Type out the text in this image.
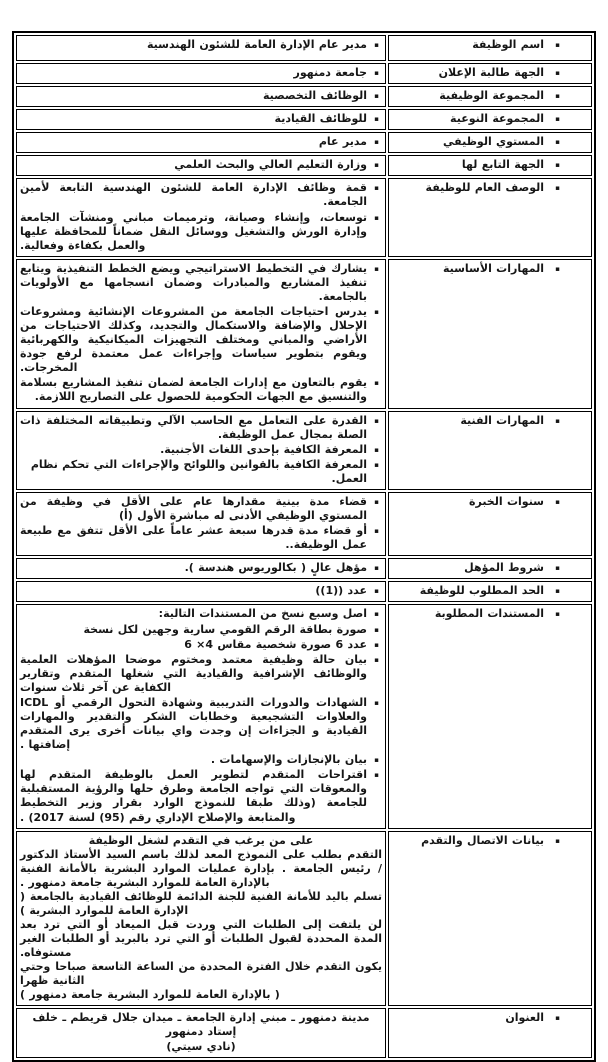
▪
اسم الوظيفة	▪
مدير عام الإدارة العامة للشئون الهندسية

▪
الجهة طالبة الإعلان	▪
جامعة دمنهور

▪
المجموعة الوظيفية	▪
الوظائف التخصصية

▪
المجموعة النوعية	▪
للوظائف القيادية

▪
المستوي الوظيفي	▪
مدير عام

▪
الجهة التابع لها	▪
وزارة التعليم العالي والبحث العلمي

▪
الوصف العام للوظيفة

▪
قمة وظائف الإدارة العامة للشئون الهندسية التابعة لأمين الجامعة.
▪
توسعات، وإنشاء وصيانة، وترميمات مباني ومنشآت الجامعة وإدارة الورش والتشغيل ووسائل النقل ضماناً للمحافظة عليها والعمل بكفاءة وفعالية.

▪
المهارات الأساسية

▪
يشارك في التخطيط الاستراتيجي ويضع الخطط التنفيذية ويتابع تنفيذ المشاريع والمبادرات وضمان انسجامها مع الأولويات بالجامعة.
▪
يدرس احتياجات الجامعة من المشروعات الإنشائية ومشروعات الإحلال والإضافة والاستكمال والتجديد، وكذلك الاحتياجات من الأراضي والمباني ومختلف التجهيزات الميكانيكية والكهربائية ويقوم بتطوير سياسات وإجراءات عمل معتمدة لرفع جودة المخرجات.
▪
يقوم بالتعاون مع إدارات الجامعة لضمان تنفيذ المشاريع بسلامة والتنسيق مع الجهات الحكومية للحصول على التصاريح اللازمة.

▪
المهارات الفنية

▪
القدرة على التعامل مع الحاسب الآلي وتطبيقاته المختلفة ذات الصلة بمجال عمل الوظيفة.
▪
المعرفة الكافية بإحدى اللغات الأجنبية.
▪
المعرفة الكافية بالقوانين واللوائح والإجراءات التي تحكم نظام العمل.

▪
سنوات الخبرة

▪
قضاء مدة بينية مقدارها عام على الأقل في وظيفة من المستوي الوظيفي الأدنى له مباشرة الأول (أ)
▪
أو قضاء مدة قدرها سبعة عشر عاماً على الأقل تتفق مع طبيعة عمل الوظيفة..

▪
شروط المؤهل	▪
مؤهل عالٍ ( بكالوريوس هندسة ).

▪
الحد المطلوب للوظيفة	▪
عدد ((1))

▪
المستندات المطلوبة

▪
اصل وسبع نسخ من المستندات التالية:
▪
صورة بطاقة الرقم القومي سارية وجهين لكل نسخة
▪
عدد 6 صورة شخصية مقاس 4× 6
▪
بيان حالة وظيفية معتمد ومختوم موضحا المؤهلات العلمية والوظائف الإشرافية والقيادية التي شغلها المتقدم وتقارير الكفاية عن آخر ثلاث سنوات
▪
الشهادات والدورات التدريبية وشهادة التحول الرقمي أو ICDL والعلاوات التشجيعية وخطابات الشكر والتقدير والمهارات القيادية و الجزاءات إن وجدت واي بيانات أخرى يرى المتقدم إضافتها .
▪
بيان بالإنجازات والإسهامات .
▪
اقتراحات المتقدم لتطوير العمل بالوظيفة المتقدم لها والمعوقات التي تواجه الجامعة وطرق حلها والرؤية المستقبلية للجامعة (وذلك طبقا للنموذج الوارد بقرار وزير التخطيط والمتابعة والإصلاح الإداري رقم (95) لسنة 2017) .

▪
بيانات الاتصال والتقدم

على من يرغب في التقدم لشغل الوظيفة
التقدم بطلب على النموذج المعد لذلك باسم السيد الأستاذ الدكتور / رئيس الجامعة . بإدارة عمليات الموارد البشرية بالأمانة الفنية بالإدارة العامة للموارد البشرية جامعة دمنهور .
تسلم باليد للأمانة الفنية للجنة الدائمة للوظائف القيادية بالجامعة ( الإدارة العامة للموارد البشرية )
لن يلتفت إلى الطلبات التي وردت قبل الميعاد أو التي ترد بعد المدة المحددة لقبول الطلبات أو التي ترد بالبريد أو الطلبات الغير مستوفاه.
يكون التقدم خلال الفترة المحددة من الساعة التاسعة صباحا وحتي الثانية ظهرا
( بالإدارة العامة للموارد البشرية جامعة دمنهور )

▪
العنوان

مدينة دمنهور ـ مبني إدارة الجامعة ـ ميدان جلال قريطم ـ خلف إستاد دمنهور
(نادي سيتي)
